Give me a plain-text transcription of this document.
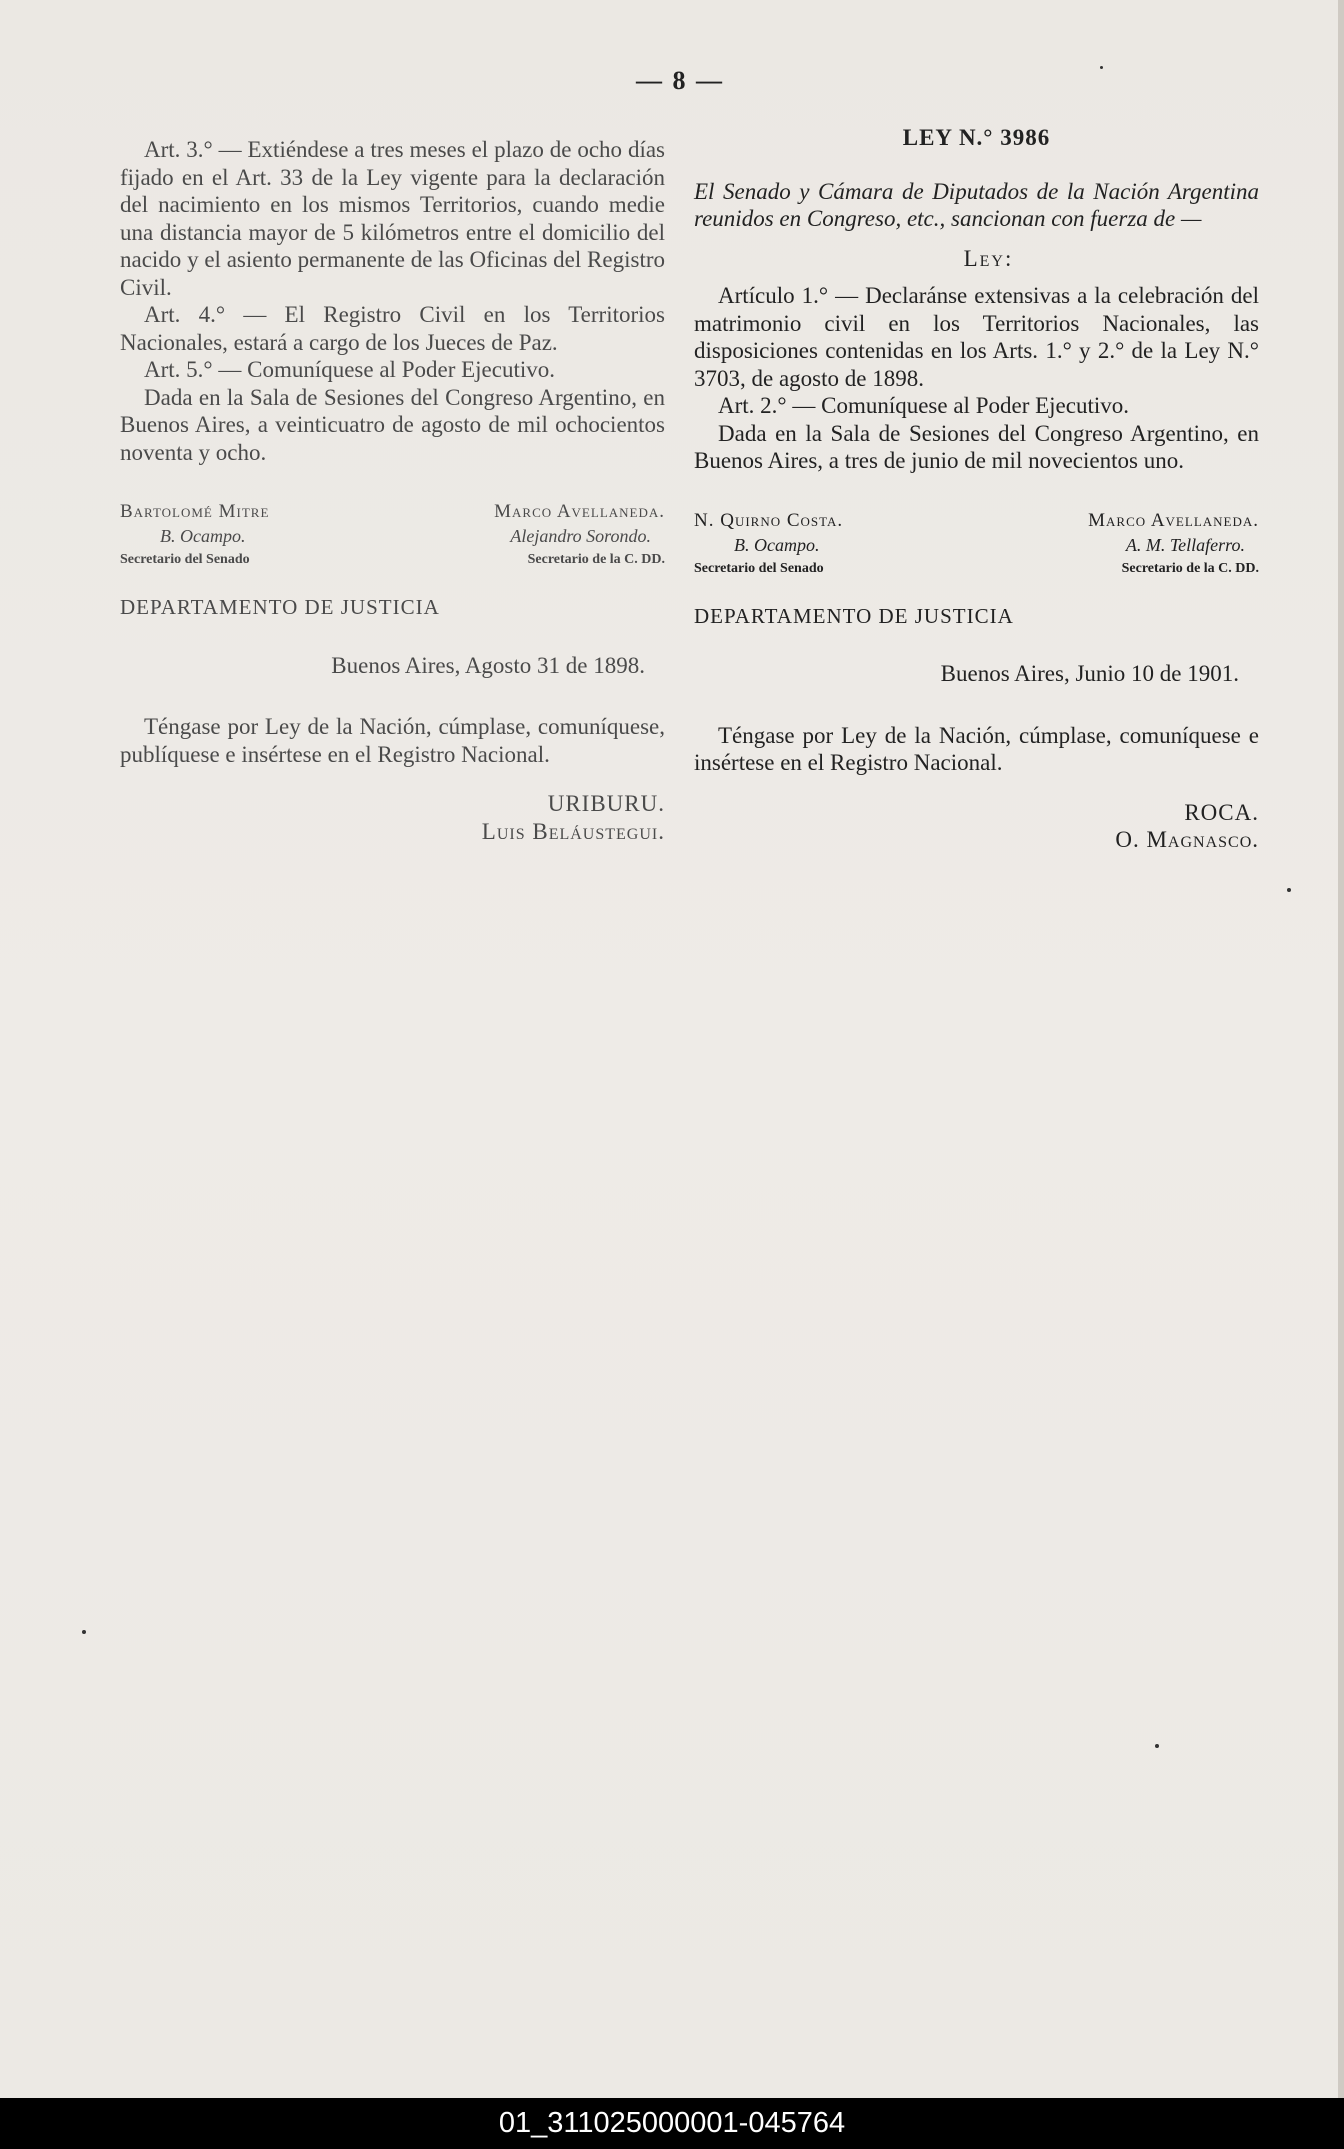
— 8 —

Art. 3.° — Extiéndese a tres meses el plazo de ocho días fijado en el Art. 33 de la Ley vigente para la declaración del nacimiento en los mismos Territorios, cuando medie una distancia mayor de 5 kilómetros entre el domicilio del nacido y el asiento permanente de las Oficinas del Registro Civil.

Art. 4.° — El Registro Civil en los Territorios Nacionales, estará a cargo de los Jueces de Paz.

Art. 5.° — Comuníquese al Poder Ejecutivo.

Dada en la Sala de Sesiones del Congreso Argentino, en Buenos Aires, a veinticuatro de agosto de mil ochocientos noventa y ocho.

Bartolomé Mitre
B. Ocampo.
Secretario del Senado
Marco Avellaneda.
Alejandro Sorondo.
Secretario de la C. DD.

DEPARTAMENTO DE JUSTICIA

Buenos Aires, Agosto 31 de 1898.

Téngase por Ley de la Nación, cúmplase, comuníquese, publíquese e insértese en el Registro Nacional.

URIBURU.
Luis Beláustegui.
LEY N.° 3986

El Senado y Cámara de Diputados de la Nación Argentina reunidos en Congreso, etc., sancionan con fuerza de —

Ley:

Artículo 1.° — Declaránse extensivas a la celebración del matrimonio civil en los Territorios Nacionales, las disposiciones contenidas en los Arts. 1.° y 2.° de la Ley N.° 3703, de agosto de 1898.

Art. 2.° — Comuníquese al Poder Ejecutivo.

Dada en la Sala de Sesiones del Congreso Argentino, en Buenos Aires, a tres de junio de mil novecientos uno.

N. Quirno Costa.
B. Ocampo.
Secretario del Senado
Marco Avellaneda.
A. M. Tellaferro.
Secretario de la C. DD.

DEPARTAMENTO DE JUSTICIA

Buenos Aires, Junio 10 de 1901.

Téngase por Ley de la Nación, cúmplase, comuníquese e insértese en el Registro Nacional.

ROCA.
O. Magnasco.
01_311025000001-045764
